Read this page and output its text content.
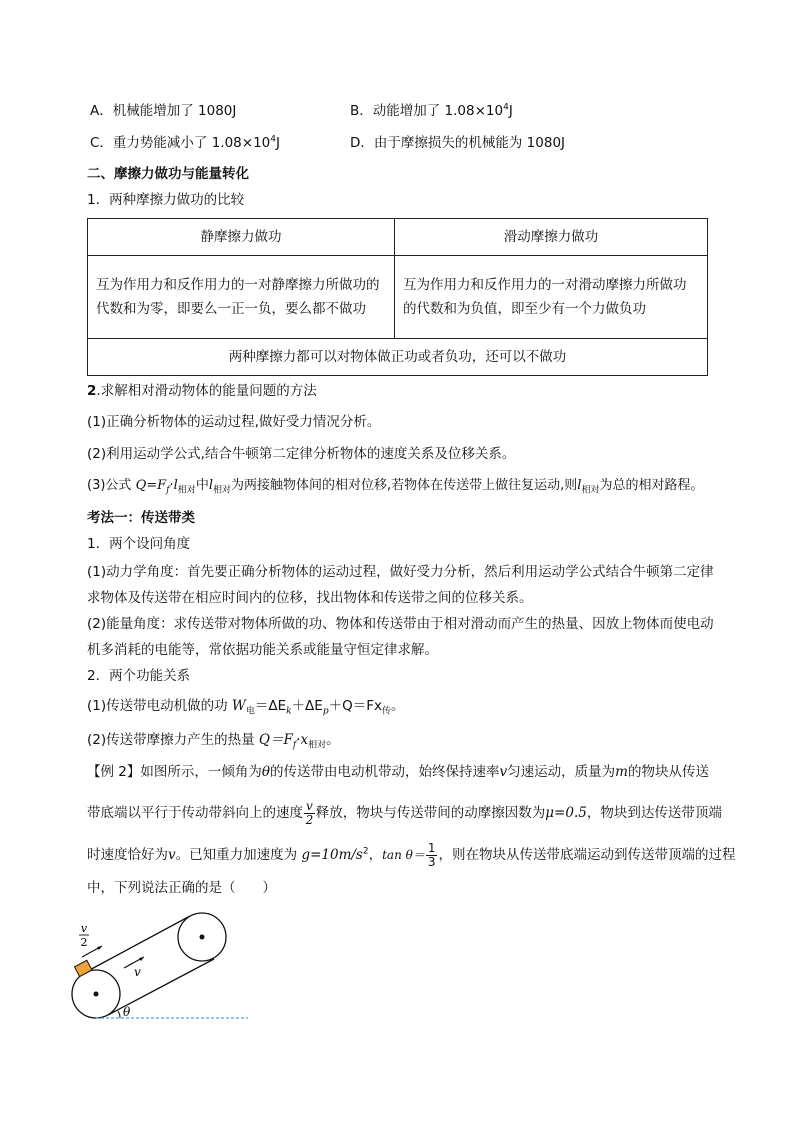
A．机械能增加了 1080J	B．动能增加了 $1.08\times 10^4J$
C．重力势能减小了 $1.08\times 10^4J$	D．由于摩擦损失的机械能为 1080J
二、摩擦力做功与能量转化
1．两种摩擦力做功的比较
静摩擦力做功	滑动摩擦力做功
互为作用力和反作用力的一对静摩擦力所做功的代数和为零，即要么一正一负，要么都不做功	互为作用力和反作用力的一对滑动摩擦力所做功的代数和为负值，即至少有一个力做负功
两种摩擦力都可以对物体做正功或者负功，还可以不做功	
2.求解相对滑动物体的能量问题的方法
(1)正确分析物体的运动过程,做好受力情况分析。
(2)利用运动学公式,结合牛顿第二定律分析物体的速度关系及位移关系。
(3)公式 $Q=F_f\cdot l_{相对}$中$l_{相对}$为两接触物体间的相对位移,若物体在传送带上做往复运动,则$l_{相对}$为总的相对路程。
考法一：传送带类
1．两个设问角度
(1)动力学角度：首先要正确分析物体的运动过程，做好受力分析，然后利用运动学公式结合牛顿第二定律
求物体及传送带在相应时间内的位移，找出物体和传送带之间的位移关系。
(2)能量角度：求传送带对物体所做的功、物体和传送带由于相对滑动而产生的热量、因放上物体而使电动
机多消耗的电能等，常依据功能关系或能量守恒定律求解。
2．两个功能关系
(1)传送带电动机做的功 $W_电=\Delta E_k+\Delta E_p+Q=Fx_传$。
(2)传送带摩擦力产生的热量 $Q=F_f\cdot x_{相对}$。
【例 2】如图所示，一倾角为θ的传送带由电动机带动，始终保持速率v匀速运动，质量为m的物块从传送
带底端以平行于传动带斜向上的速度 $\frac{v}{2}$ 释放，物块与传送带间的动摩擦因数为μ=0.5，物块到达传送带顶端
时速度恰好为v。已知重力加速度为 $g=10m/s^2$，$\tan \theta= \frac{1}{3}$ ，则在物块从传送带底端运动到传送带顶端的过程
中，下列说法正确的是（　　）
v
2
v
θ
